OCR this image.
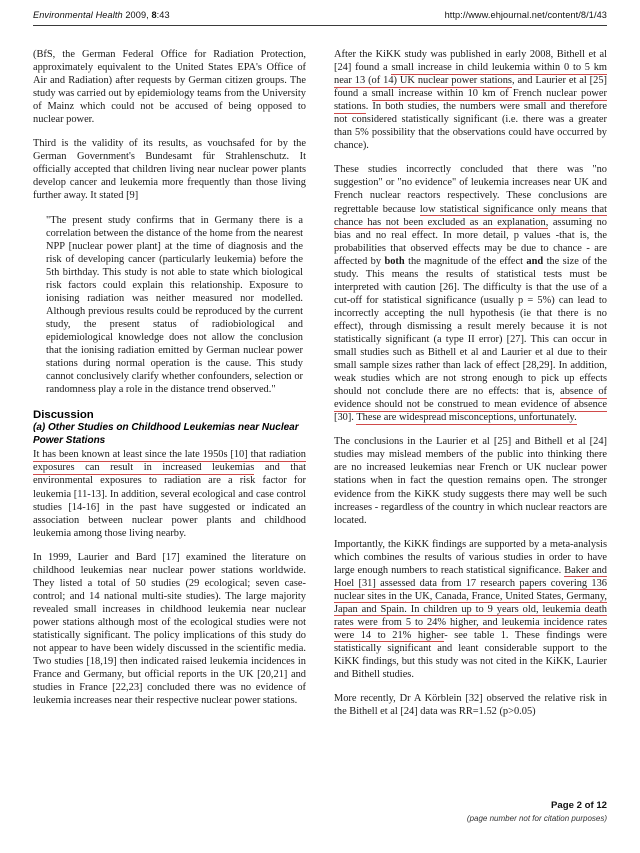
Environmental Health 2009, 8:43	http://www.ehjournal.net/content/8/1/43

(BfS, the German Federal Office for Radiation Protection, approximately equivalent to the United States EPA's Office of Air and Radiation) after requests by German citizen groups. The study was carried out by epidemiology teams from the University of Mainz which could not be accused of being opposed to nuclear power.

Third is the validity of its results, as vouchsafed for by the German Government's Bundesamt für Strahlenschutz. It officially accepted that children living near nuclear power plants develop cancer and leukemia more frequently than those living further away. It stated [9]

"The present study confirms that in Germany there is a correlation between the distance of the home from the nearest NPP [nuclear power plant] at the time of diagnosis and the risk of developing cancer (particularly leukemia) before the 5th birthday. This study is not able to state which biological risk factors could explain this relationship. Exposure to ionising radiation was neither measured nor modelled. Although previous results could be reproduced by the current study, the present status of radiobiological and epidemiological knowledge does not allow the conclusion that the ionising radiation emitted by German nuclear power stations during normal operation is the cause. This study cannot conclusively clarify whether confounders, selection or randomness play a role in the distance trend observed."
Discussion
(a) Other Studies on Childhood Leukemias near Nuclear Power Stations

It has been known at least since the late 1950s [10] that radiation exposures can result in increased leukemias and that environmental exposures to radiation are a risk factor for leukemia [11-13]. In addition, several ecological and case control studies [14-16] in the past have suggested or indicated an association between nuclear power plants and childhood leukemia among those living nearby.

In 1999, Laurier and Bard [17] examined the literature on childhood leukemias near nuclear power stations worldwide. They listed a total of 50 studies (29 ecological; seven case-control; and 14 national multi-site studies). The large majority revealed small increases in childhood leukemia near nuclear power stations although most of the ecological studies were not statistically significant. The policy implications of this study do not appear to have been widely discussed in the scientific media. Two studies [18,19] then indicated raised leukemia incidences in France and Germany, but official reports in the UK [20,21] and studies in France [22,23] concluded there was no evidence of leukemia increases near their respective nuclear power stations.

After the KiKK study was published in early 2008, Bithell et al [24] found a small increase in child leukemia within 0 to 5 km near 13 (of 14) UK nuclear power stations, and Laurier et al [25] found a small increase within 10 km of French nuclear power stations. In both studies, the numbers were small and therefore not considered statistically significant (i.e. there was a greater than 5% possibility that the observations could have occurred by chance).

These studies incorrectly concluded that there was "no suggestion" or "no evidence" of leukemia increases near UK and French nuclear reactors respectively. These conclusions are regrettable because low statistical significance only means that chance has not been excluded as an explanation, assuming no bias and no real effect. In more detail, p values -that is, the probabilities that observed effects may be due to chance - are affected by both the magnitude of the effect and the size of the study. This means the results of statistical tests must be interpreted with caution [26]. The difficulty is that the use of a cut-off for statistical significance (usually p = 5%) can lead to incorrectly accepting the null hypothesis (ie that there is no effect), through dismissing a result merely because it is not statistically significant (a type II error) [27]. This can occur in small studies such as Bithell et al and Laurier et al due to their small sample sizes rather than lack of effect [28,29]. In addition, weak studies which are not strong enough to pick up effects should not conclude there are no effects: that is, absence of evidence should not be construed to mean evidence of absence [30]. These are widespread misconceptions, unfortunately.

The conclusions in the Laurier et al [25] and Bithell et al [24] studies may mislead members of the public into thinking there are no increased leukemias near French or UK nuclear power stations when in fact the question remains open. The stronger evidence from the KiKK study suggests there may well be such increases - regardless of the country in which nuclear reactors are located.

Importantly, the KiKK findings are supported by a meta-analysis which combines the results of various studies in order to have large enough numbers to reach statistical significance. Baker and Hoel [31] assessed data from 17 research papers covering 136 nuclear sites in the UK, Canada, France, United States, Germany, Japan and Spain. In children up to 9 years old, leukemia death rates were from 5 to 24% higher, and leukemia incidence rates were 14 to 21% higher- see table 1. These findings were statistically significant and leant considerable support to the KiKK findings, but this study was not cited in the KiKK, Laurier and Bithell studies.

More recently, Dr A Körblein [32] observed the relative risk in the Bithell et al [24] data was RR=1.52 (p>0.05)

Page 2 of 12
(page number not for citation purposes)
